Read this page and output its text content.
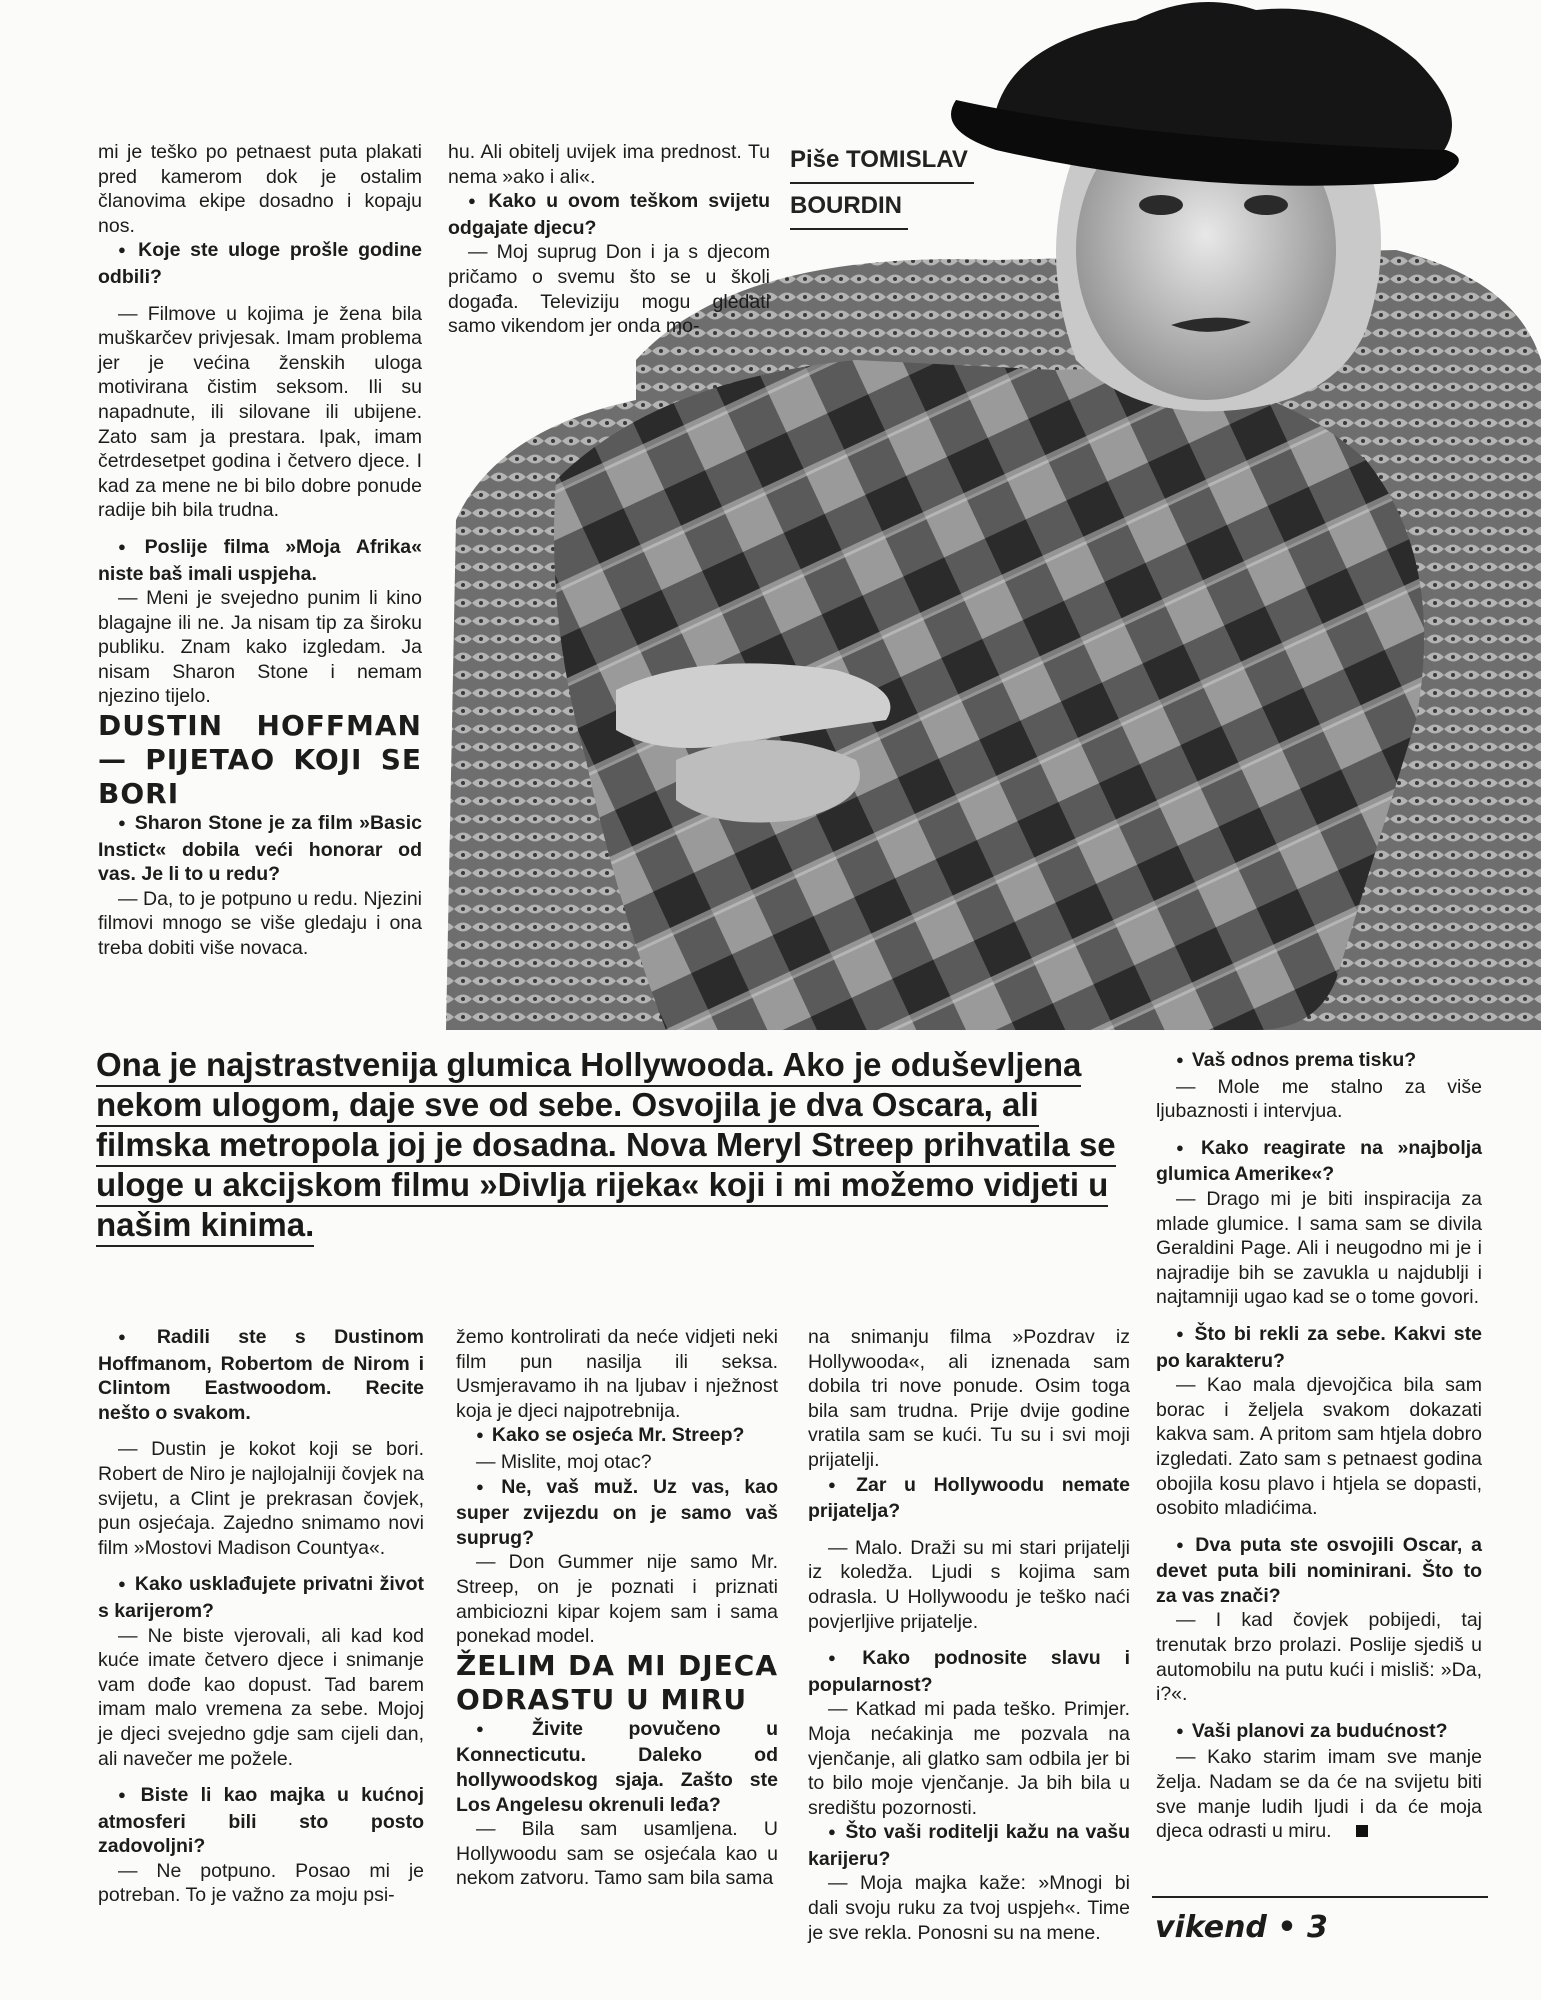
Piše TOMISLAV
BOURDIN

mi je teško po petnaest puta plakati pred kamerom dok je ostalim članovima ekipe dosadno i kopaju nos.

● Koje ste uloge prošle godine odbili?

— Filmove u kojima je žena bila muškarčev privjesak. Imam problema jer je većina ženskih uloga motivirana čistim seksom. Ili su napadnute, ili silovane ili ubijene. Zato sam ja prestara. Ipak, imam četrdesetpet godina i četvero djece. I kad za mene ne bi bilo dobre ponude radije bih bila trudna.

● Poslije filma »Moja Afrika« niste baš imali uspjeha.

— Meni je svejedno punim li kino blagajne ili ne. Ja nisam tip za široku publiku. Znam kako izgledam. Ja nisam Sharon Stone i nemam njezino tijelo.

DUSTIN HOFFMAN — PIJETAO KOJI SE BORI

● Sharon Stone je za film »Basic Instict« dobila veći honorar od vas. Je li to u redu?

— Da, to je potpuno u redu. Njezini filmovi mnogo se više gledaju i ona treba dobiti više novaca.

hu. Ali obitelj uvijek ima prednost. Tu nema »ako i ali«.

● Kako u ovom teškom svijetu odgajate djecu?

— Moj suprug Don i ja s djecom pričamo o svemu što se u školi događa. Televiziju mogu gledati samo vikendom jer onda mo-

Ona je najstrastvenija glumica Hollywooda. Ako je oduševljena nekom ulogom, daje sve od sebe. Osvojila je dva Oscara, ali filmska metropola joj je dosadna. Nova Meryl Streep prihvatila se uloge u akcijskom filmu »Divlja rijeka« koji i mi možemo vidjeti u našim kinima.

● Vaš odnos prema tisku?

— Mole me stalno za više ljubaznosti i intervjua.

● Kako reagirate na »najbolja glumica Amerike«?

— Drago mi je biti inspiracija za mlade glumice. I sama sam se divila Geraldini Page. Ali i neugodno mi je i najradije bih se zavukla u najdublji i najtamniji ugao kad se o tome govori.

● Što bi rekli za sebe. Kakvi ste po karakteru?

— Kao mala djevojčica bila sam borac i željela svakom dokazati kakva sam. A pritom sam htjela dobro izgledati. Zato sam s petnaest godina obojila kosu plavo i htjela se dopasti, osobito mladićima.

● Dva puta ste osvojili Oscar, a devet puta bili nominirani. Što to za vas znači?

— I kad čovjek pobijedi, taj trenutak brzo prolazi. Poslije sjediš u automobilu na putu kući i misliš: »Da, i?«.

● Vaši planovi za budućnost?

— Kako starim imam sve manje želja. Nadam se da će na svijetu biti sve manje ludih ljudi i da će moja djeca odrasti u miru.

● Radili ste s Dustinom Hoffmanom, Robertom de Nirom i Clintom Eastwoodom. Recite nešto o svakom.

— Dustin je kokot koji se bori. Robert de Niro je najlojalniji čovjek na svijetu, a Clint je prekrasan čovjek, pun osjećaja. Zajedno snimamo novi film »Mostovi Madison Countya«.

● Kako usklađujete privatni život s karijerom?

— Ne biste vjerovali, ali kad kod kuće imate četvero djece i snimanje vam dođe kao dopust. Tad barem imam malo vremena za sebe. Mojoj je djeci svejedno gdje sam cijeli dan, ali navečer me požele.

● Biste li kao majka u kućnoj atmosferi bili sto posto zadovoljni?

— Ne potpuno. Posao mi je potreban. To je važno za moju psi-

žemo kontrolirati da neće vidjeti neki film pun nasilja ili seksa. Usmjeravamo ih na ljubav i nježnost koja je djeci najpotrebnija.

● Kako se osjeća Mr. Streep?

— Mislite, moj otac?

● Ne, vaš muž. Uz vas, kao super zvijezdu on je samo vaš suprug?

— Don Gummer nije samo Mr. Streep, on je poznati i priznati ambiciozni kipar kojem sam i sama ponekad model.

ŽELIM DA MI DJECA ODRASTU U MIRU

● Živite povučeno u Konnecticutu. Daleko od hollywoodskog sjaja. Zašto ste Los Angelesu okrenuli leđa?

— Bila sam usamljena. U Hollywoodu sam se osjećala kao u nekom zatvoru. Tamo sam bila sama

na snimanju filma »Pozdrav iz Hollywooda«, ali iznenada sam dobila tri nove ponude. Osim toga bila sam trudna. Prije dvije godine vratila sam se kući. Tu su i svi moji prijatelji.

● Zar u Hollywoodu nemate prijatelja?

— Malo. Draži su mi stari prijatelji iz koledža. Ljudi s kojima sam odrasla. U Hollywoodu je teško naći povjerljive prijatelje.

● Kako podnosite slavu i popularnost?

— Katkad mi pada teško. Primjer. Moja nećakinja me pozvala na vjenčanje, ali glatko sam odbila jer bi to bilo moje vjenčanje. Ja bih bila u središtu pozornosti.

● Što vaši roditelji kažu na vašu karijeru?

— Moja majka kaže: »Mnogi bi dali svoju ruku za tvoj uspjeh«. Time je sve rekla. Ponosni su na mene.	vikend • 3
